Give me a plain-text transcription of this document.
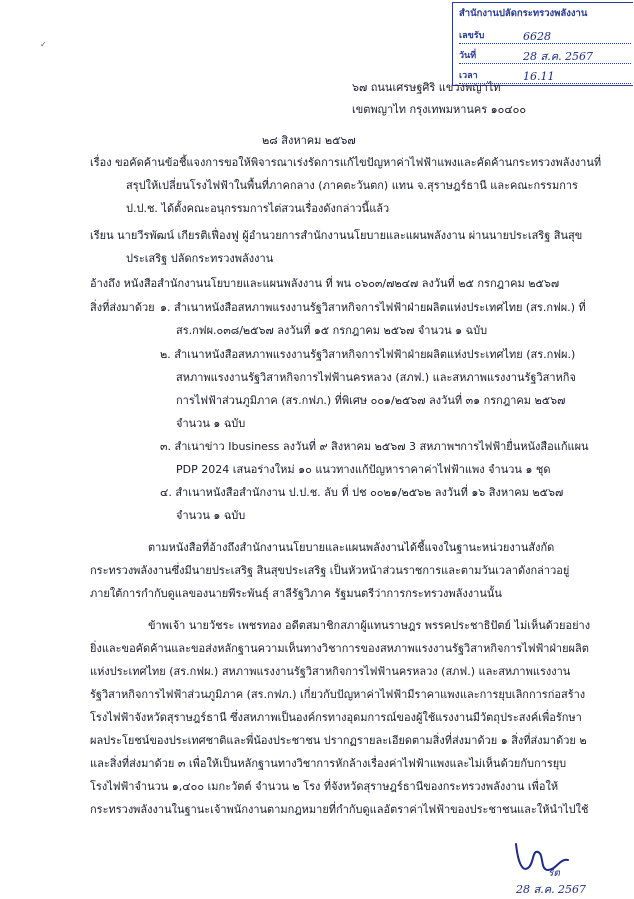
สำนักงานปลัดกระทรวงพลังงาน
เลขรับ	6628
วันที่	28 ส.ค. 2567
เวลา	16.11
✓
๖๗ ถนนเศรษฐศิริ แขวงพญาไท
เขตพญาไท กรุงเทพมหานคร ๑๐๔๐๐
๒๘ สิงหาคม ๒๕๖๗
เรื่อง ขอคัดค้านข้อชี้แจงการขอให้พิจารณาเร่งรัดการแก้ไขปัญหาค่าไฟฟ้าแพงและคัดค้านกระทรวงพลังงานที่
สรุปให้เปลี่ยนโรงไฟฟ้าในพื้นที่ภาคกลาง (ภาคตะวันตก) แทน จ.สุราษฎร์ธานี และคณะกรรมการ
ป.ป.ช. ได้ตั้งคณะอนุกรรมการไต่สวนเรื่องดังกล่าวนี้แล้ว
เรียน นายวีรพัฒน์ เกียรติเฟื่องฟู ผู้อำนวยการสำนักงานนโยบายและแผนพลังงาน ผ่านนายประเสริฐ สินสุข
ประเสริฐ ปลัดกระทรวงพลังงาน
อ้างถึง หนังสือสำนักงานนโยบายและแผนพลังงาน ที่ พน ๐๖๐๓/๗๒๔๗ ลงวันที่ ๒๕ กรกฎาคม ๒๕๖๗
สิ่งที่ส่งมาด้วย ๑. สำเนาหนังสือสหภาพแรงงานรัฐวิสาหกิจการไฟฟ้าฝ่ายผลิตแห่งประเทศไทย (สร.กฟผ.) ที่
สร.กฟผ.๐๓๘/๒๕๖๗ ลงวันที่ ๑๕ กรกฎาคม ๒๕๖๗ จำนวน ๑ ฉบับ
๒. สำเนาหนังสือสหภาพแรงงานรัฐวิสาหกิจการไฟฟ้าฝ่ายผลิตแห่งประเทศไทย (สร.กฟผ.)
สหภาพแรงงานรัฐวิสาหกิจการไฟฟ้านครหลวง (สภฟ.) และสหภาพแรงงานรัฐวิสาหกิจ
การไฟฟ้าส่วนภูมิภาค (สร.กฟภ.) ที่พิเศษ ๐๐๑/๒๕๖๗ ลงวันที่ ๓๑ กรกฎาคม ๒๕๖๗
จำนวน ๑ ฉบับ
๓. สำเนาข่าว Ibusiness ลงวันที่ ๙ สิงหาคม ๒๕๖๗ 3 สหภาพฯการไฟฟ้ายื่นหนังสือแก้แผน
PDP 2024 เสนอร่างใหม่ ๑๐ แนวทางแก้ปัญหาราคาค่าไฟฟ้าแพง จำนวน ๑ ชุด
๔. สำเนาหนังสือสำนักงาน ป.ป.ช. ลับ ที่ ปช ๐๐๒๑/๒๕๖๒ ลงวันที่ ๑๖ สิงหาคม ๒๕๖๗
จำนวน ๑ ฉบับ
ตามหนังสือที่อ้างถึงสำนักงานนโยบายและแผนพลังงานได้ชี้แจงในฐานะหน่วยงานสังกัด
กระทรวงพลังงานซึ่งมีนายประเสริฐ สินสุขประเสริฐ เป็นหัวหน้าส่วนราชการและตามวันเวลาดังกล่าวอยู่
ภายใต้การกำกับดูแลของนายพีระพันธุ์ สาลีรัฐวิภาค รัฐมนตรีว่าการกระทรวงพลังงานนั้น
ข้าพเจ้า นายวัชระ เพชรทอง อดีตสมาชิกสภาผู้แทนราษฎร พรรคประชาธิปัตย์ ไม่เห็นด้วยอย่าง
ยิ่งและขอคัดค้านและขอส่งหลักฐานความเห็นทางวิชาการของสหภาพแรงงานรัฐวิสาหกิจการไฟฟ้าฝ่ายผลิต
แห่งประเทศไทย (สร.กฟผ.) สหภาพแรงงานรัฐวิสาหกิจการไฟฟ้านครหลวง (สภฟ.) และสหภาพแรงงาน
รัฐวิสาหกิจการไฟฟ้าส่วนภูมิภาค (สร.กฟภ.) เกี่ยวกับปัญหาค่าไฟฟ้ามีราคาแพงและการยุบเลิกการก่อสร้าง
โรงไฟฟ้าจังหวัดสุราษฎร์ธานี ซึ่งสหภาพเป็นองค์กรทางอุดมการณ์ของผู้ใช้แรงงานมีวัตถุประสงค์เพื่อรักษา
ผลประโยชน์ของประเทศชาติและพี่น้องประชาชน ปรากฏรายละเอียดตามสิ่งที่ส่งมาด้วย ๑ สิ่งที่ส่งมาด้วย ๒
และสิ่งที่ส่งมาด้วย ๓ เพื่อให้เป็นหลักฐานทางวิชาการหักล้างเรื่องค่าไฟฟ้าแพงและไม่เห็นด้วยกับการยุบ
โรงไฟฟ้าจำนวน ๑,๔๐๐ เมกะวัตต์ จำนวน ๒ โรง ที่จังหวัดสุราษฎร์ธานีของกระทรวงพลังงาน เพื่อให้
กระทรวงพลังงานในฐานะเจ้าพนักงานตามกฎหมายที่กำกับดูแลอัตราค่าไฟฟ้าของประชาชนและให้นำไปใช้
ริต
28 ส.ค. 2567
